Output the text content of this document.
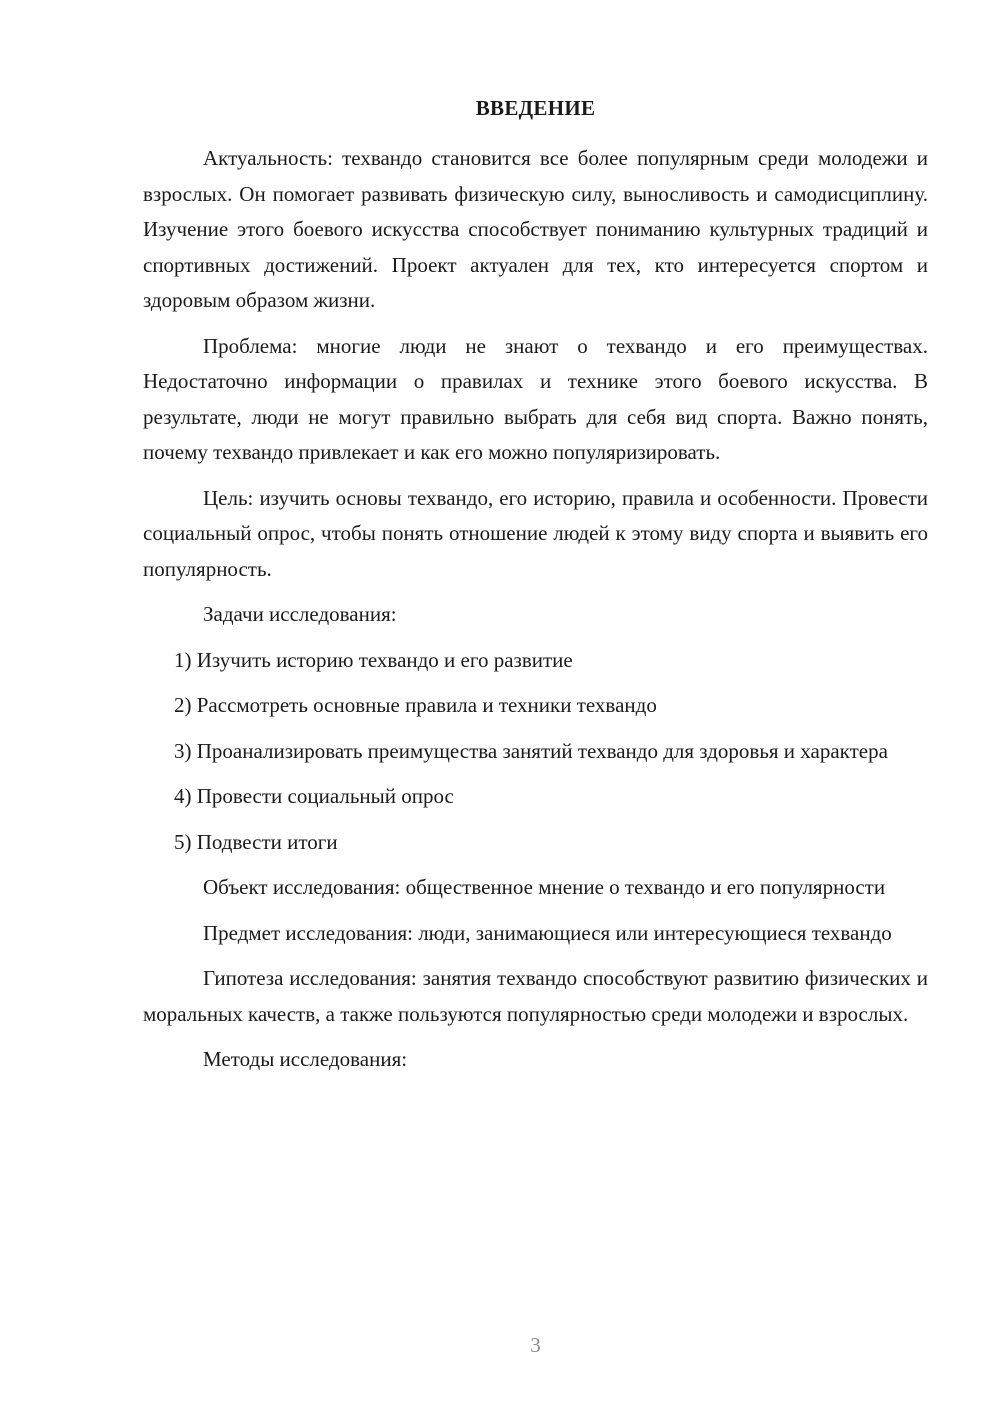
ВВЕДЕНИЕ

Актуальность: техвандо становится все более популярным среди молодежи и взрослых. Он помогает развивать физическую силу, выносливость и самодисциплину. Изучение этого боевого искусства способствует пониманию культурных традиций и спортивных достижений. Проект актуален для тех, кто интересуется спортом и здоровым образом жизни.

Проблема: многие люди не знают о техвандо и его преимуществах. Недостаточно информации о правилах и технике этого боевого искусства. В результате, люди не могут правильно выбрать для себя вид спорта. Важно понять, почему техвандо привлекает и как его можно популяризировать.

Цель: изучить основы техвандо, его историю, правила и особенности. Провести социальный опрос, чтобы понять отношение людей к этому виду спорта и выявить его популярность.

Задачи исследования:

1) Изучить историю техвандо и его развитие

2) Рассмотреть основные правила и техники техвандо

3) Проанализировать преимущества занятий техвандо для здоровья и характера

4) Провести социальный опрос

5) Подвести итоги

Объект исследования: общественное мнение о техвандо и его популярности

Предмет исследования: люди, занимающиеся или интересующиеся техвандо

Гипотеза исследования: занятия техвандо способствуют развитию физических и моральных качеств, а также пользуются популярностью среди молодежи и взрослых.

Методы исследования:

3
